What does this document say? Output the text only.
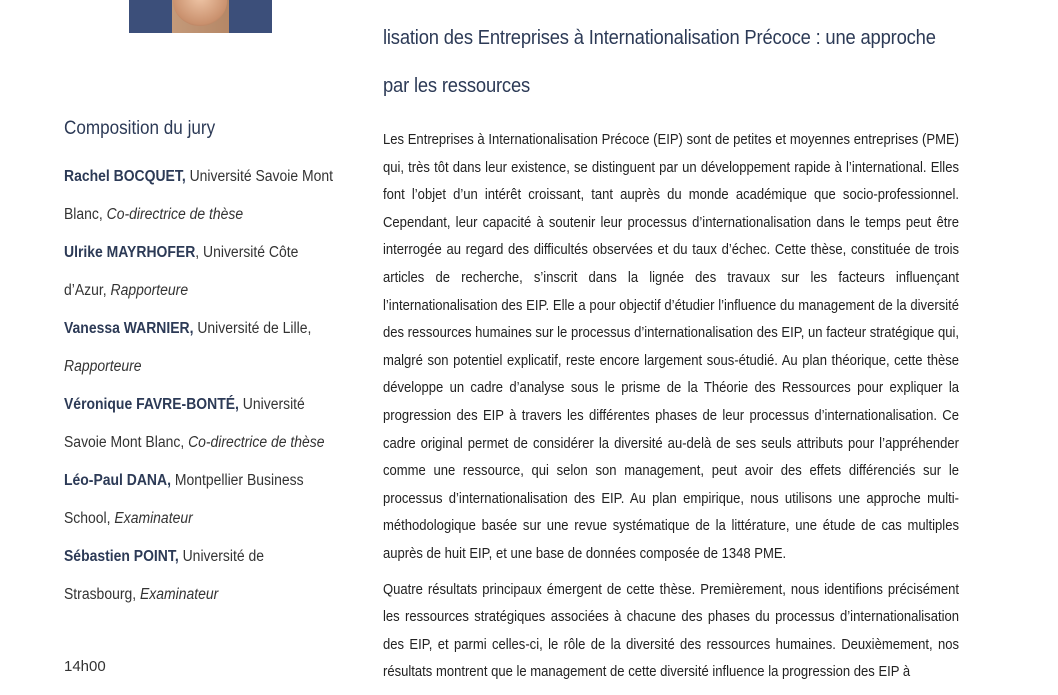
lisation des Entreprises à Internationalisation Précoce : une approche
par les ressources
Composition du jury

Rachel BOCQUET, Université Savoie Mont Blanc, Co-directrice de thèse

Ulrike MAYRHOFER, Université Côte d’Azur, Rapporteure

Vanessa WARNIER, Université de Lille, Rapporteure

Véronique FAVRE-BONTÉ, Université Savoie Mont Blanc, Co-directrice de thèse

Léo-Paul DANA, Montpellier Business School, Examinateur

Sébastien POINT, Université de Strasbourg, Examinateur

14h00

Les Entreprises à Internationalisation Précoce (EIP) sont de petites et moyennes entreprises (PME) qui, très tôt dans leur existence, se distinguent par un développement rapide à l’international. Elles font l’objet d’un intérêt croissant, tant auprès du monde académique que socio-professionnel. Cependant, leur capacité à soutenir leur processus d’internationalisation dans le temps peut être interrogée au regard des difficultés observées et du taux d’échec. Cette thèse, constituée de trois articles de recherche, s’inscrit dans la lignée des travaux sur les facteurs influençant l’internationalisation des EIP. Elle a pour objectif d’étudier l’influence du management de la diversité des ressources humaines sur le processus d’internationalisation des EIP, un facteur stratégique qui, malgré son potentiel explicatif, reste encore largement sous-étudié. Au plan théorique, cette thèse développe un cadre d’analyse sous le prisme de la Théorie des Ressources pour expliquer la progression des EIP à travers les différentes phases de leur processus d’internationalisation. Ce cadre original permet de considérer la diversité au-delà de ses seuls attributs pour l’appréhender comme une ressource, qui selon son management, peut avoir des effets différenciés sur le processus d’internationalisation des EIP. Au plan empirique, nous utilisons une approche multi-méthodologique basée sur une revue systématique de la littérature, une étude de cas multiples auprès de huit EIP, et une base de données composée de 1348 PME.

Quatre résultats principaux émergent de cette thèse. Premièrement, nous identifions précisément les ressources stratégiques associées à chacune des phases du processus d’internationalisation des EIP, et parmi celles-ci, le rôle de la diversité des ressources humaines. Deuxièmement, nos résultats montrent que le management de cette diversité influence la progression des EIP à
